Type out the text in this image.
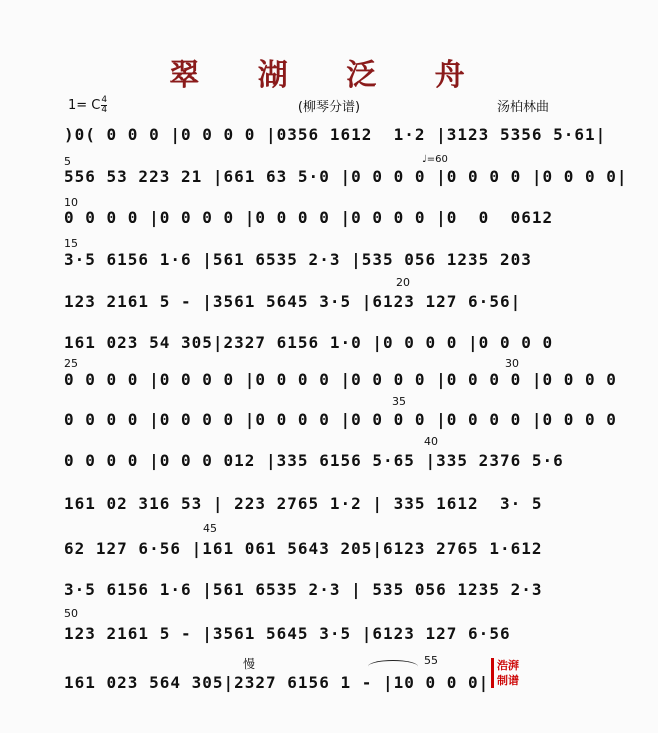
翠 湖 泛 舟
1= C $\frac{4}{4}$	(柳琴分谱)	汤柏林曲
♩=60
慢	浩湃
制谱
)0( 0 0 0 |0 0 0 0 |0356 1612  1·2 |3123 5356 5·61|
556 53 223 21 |661 63 5·0 |0 0 0 0 |0 0 0 0 |0 0 0 0|
0 0 0 0 |0 0 0 0 |0 0 0 0 |0 0 0 0 |0  0  0612
3·5 6156 1·6 |561 6535 2·3 |535 056 1235 203
123 2161 5 - |3561 5645 3·5 |6123 127 6·56|
161 023 54 305|2327 6156 1·0 |0 0 0 0 |0 0 0 0
0 0 0 0 |0 0 0 0 |0 0 0 0 |0 0 0 0 |0 0 0 0 |0 0 0 0
0 0 0 0 |0 0 0 0 |0 0 0 0 |0 0 0 0 |0 0 0 0 |0 0 0 0
0 0 0 0 |0 0 0 012 |335 6156 5·65 |335 2376 5·6
161 02 316 53 | 223 2765 1·2 | 335 1612  3· 5
62 127 6·56 |161 061 5643 205|6123 2765 1·612
3·5 6156 1·6 |561 6535 2·3 | 535 056 1235 2·3
123 2161 5 - |3561 5645 3·5 |6123 127 6·56
161 023 564 305|2327 6156 1 - |10 0 0 0|
5
10
15
20
25	30
35
40
45
50
55
